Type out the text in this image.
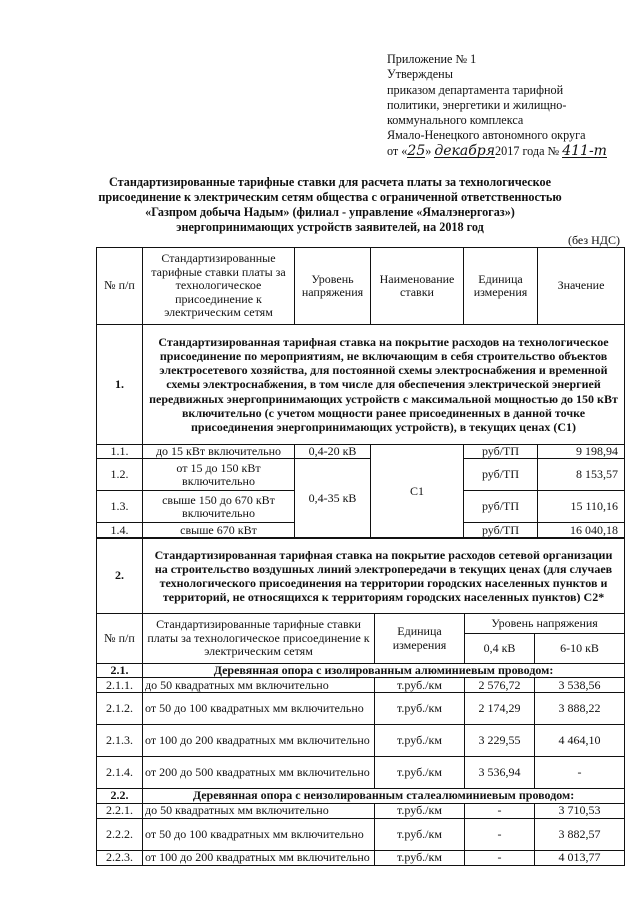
Приложение № 1
Утверждены
приказом департамента тарифной
политики, энергетики и жилищно-
коммунального комплекса
Ямало-Ненецкого автономного округа
от «25» декабря2017 года № 411-т
Стандартизированные тарифные ставки для расчета платы за технологическое
присоединение к электрическим сетям общества с ограниченной ответственностью
«Газпром добыча Надым» (филиал - управление «Ямалэнергогаз»)
энергопринимающих устройств заявителей, на 2018 год
(без НДС)
№ п/п	Стандартизированные тарифные ставки платы за технологическое присоединение к электрическим сетям	Уровень напряжения	Наименование ставки	Единица измерения	Значение
1.	Стандартизированная тарифная ставка на покрытие расходов на технологическое присоединение по мероприятиям, не включающим в себя строительство объектов электросетевого хозяйства, для постоянной схемы электроснабжения и временной схемы электроснабжения, в том числе для обеспечения электрической энергией передвижных энергопринимающих устройств с максимальной мощностью до 150 кВт включительно (с учетом мощности ранее присоединенных в данной точке присоединения энергопринимающих устройств), в текущих ценах (С1)				
1.1.	до 15 кВт включительно	0,4-20 кВ	С1	руб/ТП	9 198,94
1.2.	от 15 до 150 кВт включительно	0,4-35 кВ		руб/ТП	8 153,57
1.3.	свыше 150 до 670 кВт включительно			руб/ТП	15 110,16
1.4.	свыше 670 кВт			руб/ТП	16 040,18
2.	Стандартизированная тарифная ставка на покрытие расходов сетевой организации на строительство воздушных линий электропередачи в текущих ценах (для случаев технологического присоединения на территории городских населенных пунктов и территорий, не относящихся к территориям городских населенных пунктов) С2*			
№ п/п	Стандартизированные тарифные ставки платы за технологическое присоединение к электрическим сетям	Единица измерения	Уровень напряжения	
			0,4 кВ	6-10 кВ
2.1.	Деревянная опора с изолированным алюминиевым проводом:			
2.1.1.	до 50 квадратных мм включительно	т.руб./км	2 576,72	3 538,56
2.1.2.	от 50 до 100 квадратных мм включительно	т.руб./км	2 174,29	3 888,22
2.1.3.	от 100 до 200 квадратных мм включительно	т.руб./км	3 229,55	4 464,10
2.1.4.	от 200 до 500 квадратных мм включительно	т.руб./км	3 536,94	-
2.2.	Деревянная опора с неизолированным сталеалюминиевым проводом:			
2.2.1.	до 50 квадратных мм включительно	т.руб./км	-	3 710,53
2.2.2.	от 50 до 100 квадратных мм включительно	т.руб./км	-	3 882,57
2.2.3.	от 100 до 200 квадратных мм включительно	т.руб./км	-	4 013,77
